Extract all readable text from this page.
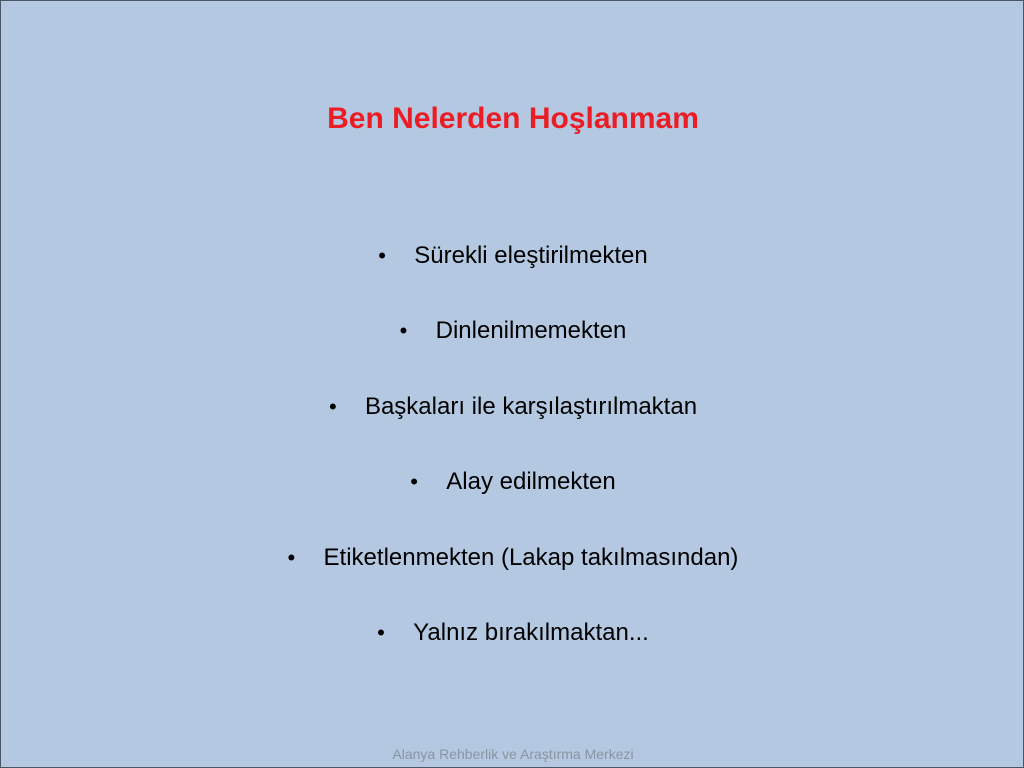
Ben Nelerden Hoşlanmam
• Sürekli eleştirilmekten
• Dinlenilmemekten
• Başkaları ile karşılaştırılmaktan
• Alay edilmekten
• Etiketlenmekten (Lakap takılmasından)
• Yalnız bırakılmaktan...
Alanya Rehberlik ve Araştırma Merkezi
